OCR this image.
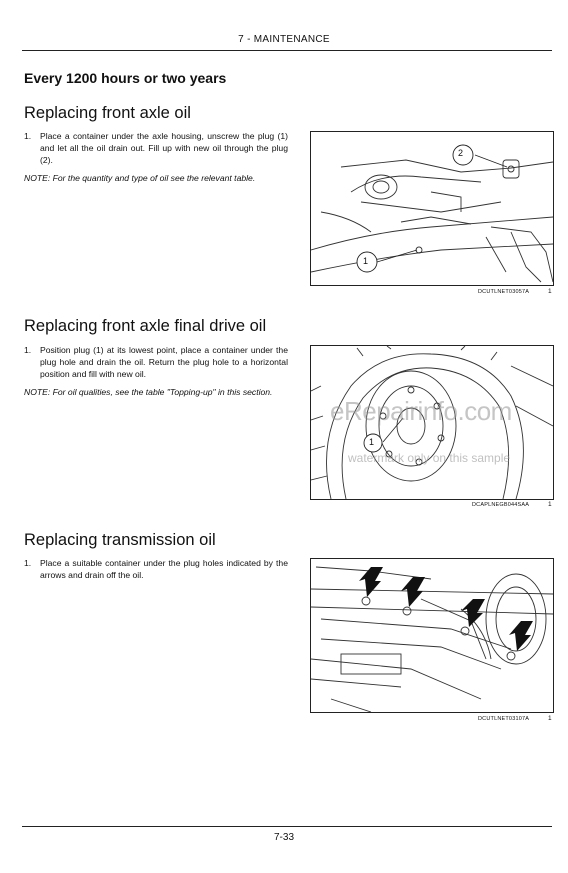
7 - MAINTENANCE
Every 1200 hours or two years
Replacing front axle oil
1. Place a container under the axle housing, unscrew the plug (1) and let all the oil drain out. Fill up with new oil through the plug (2).
NOTE: For the quantity and type of oil see the relevant table.
2
1
DCUTLNET03057A	1
Replacing front axle final drive oil
1. Position plug (1) at its lowest point, place a container under the plug hole and drain the oil. Return the plug hole to a horizontal position and fill with new oil.
NOTE: For oil qualities, see the table "Topping-up" in this section.
1
DCAPLNEGB044SAA	1
Replacing transmission oil
1. Place a suitable container under the plug holes indicated by the arrows and drain off the oil.
DCUTLNET03107A	1
eRepairinfo.com
watermark only on this sample
7-33
